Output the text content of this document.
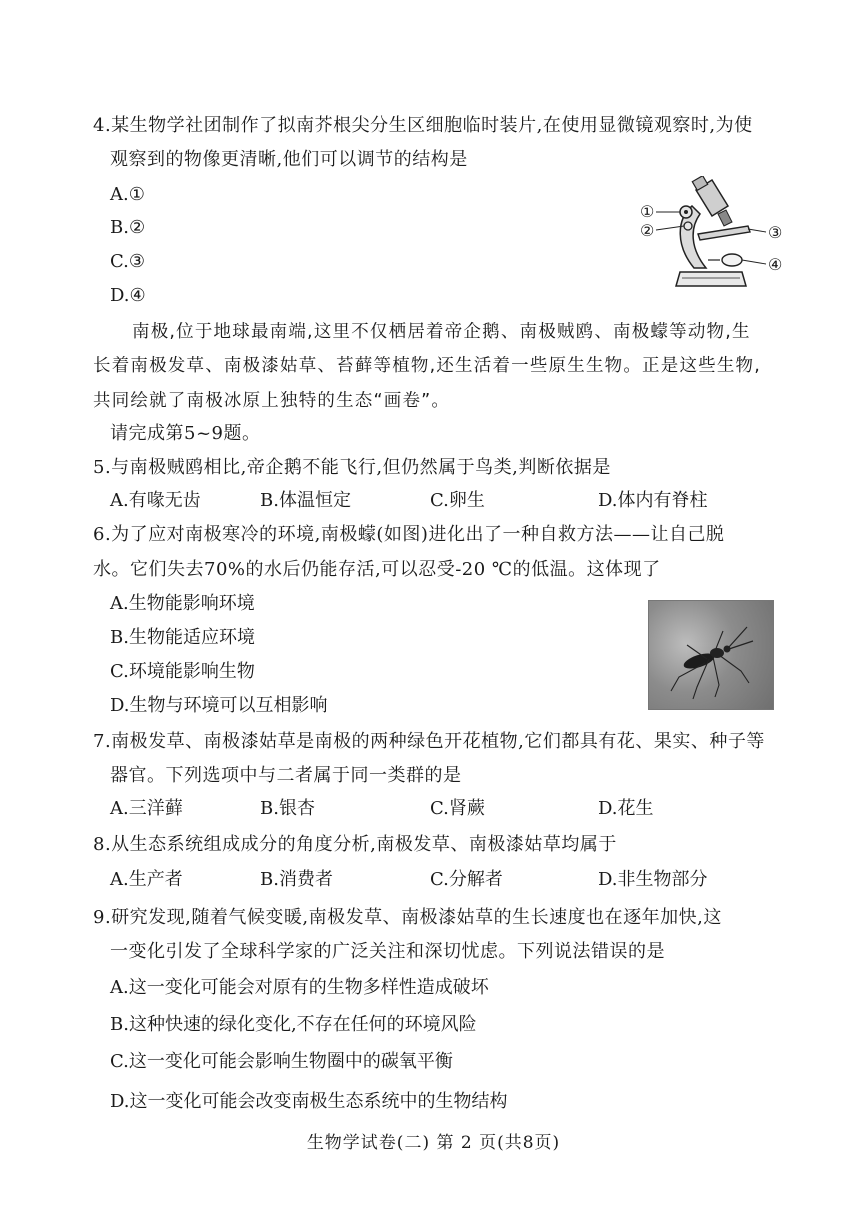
4.某生物学社团制作了拟南芥根尖分生区细胞临时装片,在使用显微镜观察时,为使
观察到的物像更清晰,他们可以调节的结构是
A.①
B.②
C.③
D.④
①
②	③
④
南极,位于地球最南端,这里不仅栖居着帝企鹅、南极贼鸥、南极蠓等动物,生
长着南极发草、南极漆姑草、苔藓等植物,还生活着一些原生生物。正是这些生物,
共同绘就了南极冰原上独特的生态“画卷”。
请完成第5~9题。
5.与南极贼鸥相比,帝企鹅不能飞行,但仍然属于鸟类,判断依据是
A.有喙无齿	B.体温恒定	C.卵生	D.体内有脊柱
6.为了应对南极寒冷的环境,南极蠓(如图)进化出了一种自救方法——让自己脱
水。它们失去70%的水后仍能存活,可以忍受-20 ℃的低温。这体现了
A.生物能影响环境
B.生物能适应环境
C.环境能影响生物
D.生物与环境可以互相影响
7.南极发草、南极漆姑草是南极的两种绿色开花植物,它们都具有花、果实、种子等
器官。下列选项中与二者属于同一类群的是
A.三洋藓	B.银杏	C.肾蕨	D.花生
8.从生态系统组成成分的角度分析,南极发草、南极漆姑草均属于
A.生产者	B.消费者	C.分解者	D.非生物部分
9.研究发现,随着气候变暖,南极发草、南极漆姑草的生长速度也在逐年加快,这
一变化引发了全球科学家的广泛关注和深切忧虑。下列说法错误的是
A.这一变化可能会对原有的生物多样性造成破坏
B.这种快速的绿化变化,不存在任何的环境风险
C.这一变化可能会影响生物圈中的碳氧平衡
D.这一变化可能会改变南极生态系统中的生物结构
生物学试卷(二) 第 2 页(共8页)
